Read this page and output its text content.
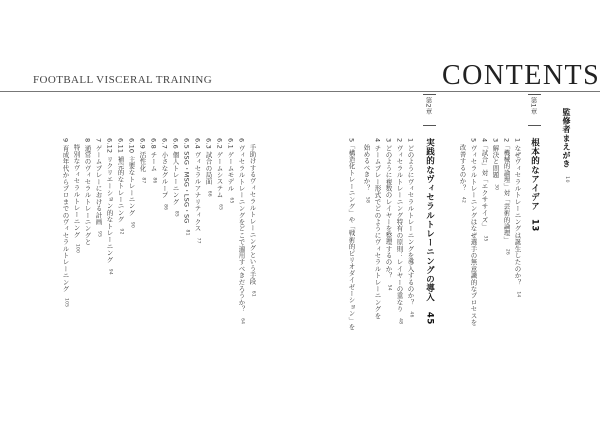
FOOTBALL VISCERAL TRAINING	CONTENTS
監修者まえがき10
第1章
根本的なアイデア13
1 なぜヴィセラルトレーニングは誕生したのか？14
2「機械的論理」対「芸術的論理」26
3 解決と問題30
4「試合」対「エクササイズ」35
5 ヴィセラルトレーニングはなぜ選手の無意識的なプロセスを
改善するのか？42
第2章
実践的なヴィセラルトレーニングの導入45
1 どのようにヴィセラルトレーニングを導入するのか？46
2 ヴィセラルトレーニング特有の原則：レイヤーの重なり48
3 どのように複数のレイヤーを整理するのか？54
4 チームプレー形式でどのようにヴィセラルトレーニングを
始めるべきか？58
5「構造化トレーニング」や「戦術的ピリオダイゼーション」を
手助けするヴィセラルトレーニングという手段61
6 ヴィセラルトレーニングをどこで適用すべきだろうか？64
6.1 ゲームモデル65
6.2 ゲームシステム65
6.3 試合の局面66
6.4 ヴィセラルアナリティクス77
6.5 SSG・MSG・LSG・SG81
6.6 個人トレーニング85
6.7 小さなグループ86
6.8 チーム86
6.9 活性化87
6.10 主要なトレーニング90
6.11 補完的なトレーニング92
6.12 リクリエーション的なトレーニング94
7 ゲームプレーにおける計画95
8 通常のヴィセラルトレーニングと
特別なヴィセラルトレーニング100
9 育成年代からプロまでのヴィセラルトレーニング105
